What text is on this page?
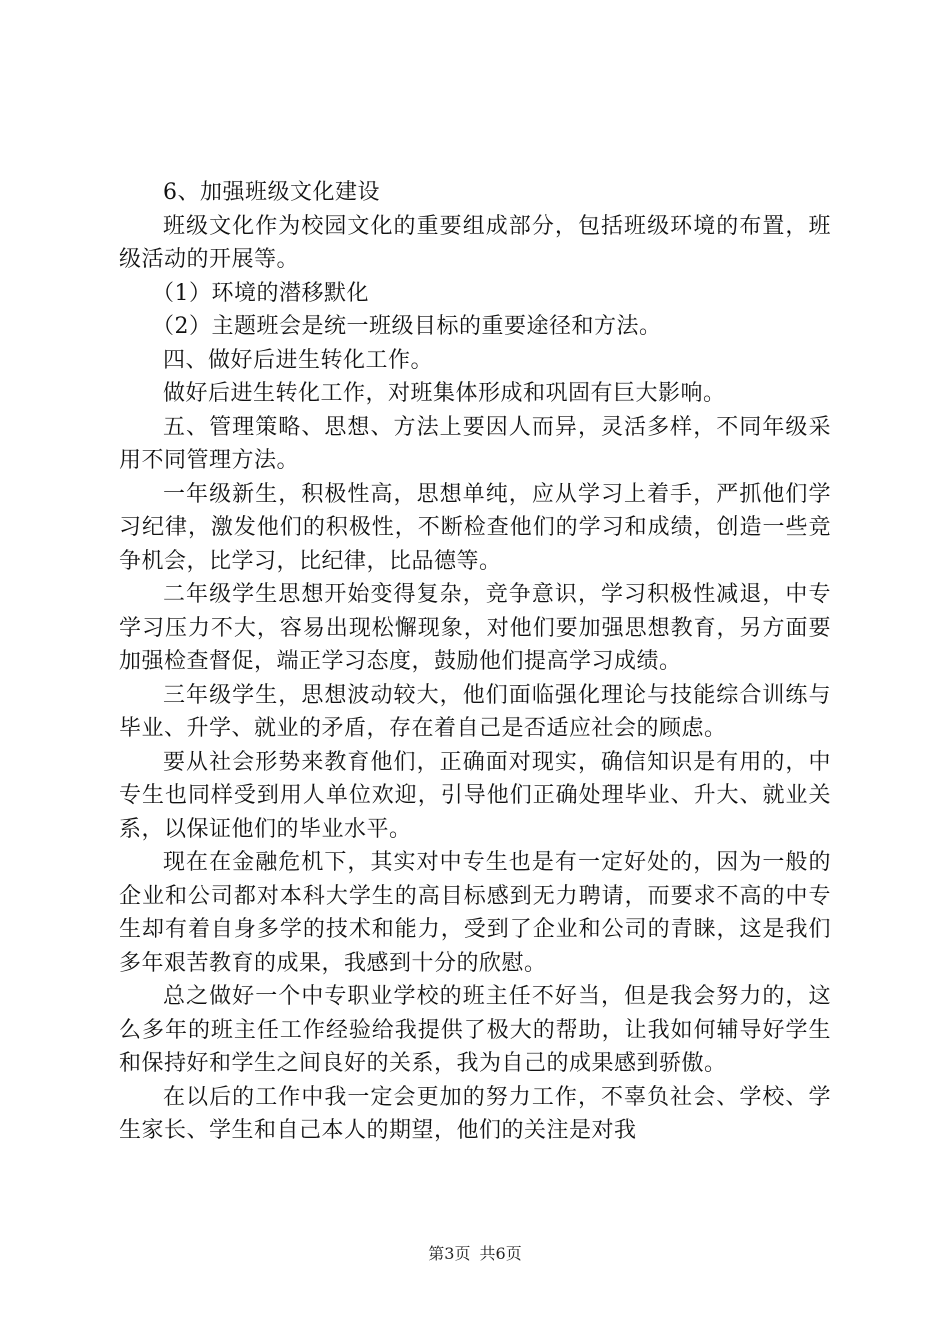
6、加强班级文化建设

班级文化作为校园文化的重要组成部分，包括班级环境的布置，班级活动的开展等。

（1）环境的潜移默化

（2）主题班会是统一班级目标的重要途径和方法。

四、做好后进生转化工作。

做好后进生转化工作，对班集体形成和巩固有巨大影响。

五、管理策略、思想、方法上要因人而异，灵活多样，不同年级采用不同管理方法。

一年级新生，积极性高，思想单纯，应从学习上着手，严抓他们学习纪律，激发他们的积极性，不断检查他们的学习和成绩，创造一些竞争机会，比学习，比纪律，比品德等。

二年级学生思想开始变得复杂，竞争意识，学习积极性减退，中专学习压力不大，容易出现松懈现象，对他们要加强思想教育，另方面要加强检查督促，端正学习态度，鼓励他们提高学习成绩。

三年级学生，思想波动较大，他们面临强化理论与技能综合训练与毕业、升学、就业的矛盾，存在着自己是否适应社会的顾虑。

要从社会形势来教育他们，正确面对现实，确信知识是有用的，中专生也同样受到用人单位欢迎，引导他们正确处理毕业、升大、就业关系，以保证他们的毕业水平。

现在在金融危机下，其实对中专生也是有一定好处的，因为一般的企业和公司都对本科大学生的高目标感到无力聘请，而要求不高的中专生却有着自身多学的技术和能力，受到了企业和公司的青睐，这是我们多年艰苦教育的成果，我感到十分的欣慰。

总之做好一个中专职业学校的班主任不好当，但是我会努力的，这么多年的班主任工作经验给我提供了极大的帮助，让我如何辅导好学生和保持好和学生之间良好的关系，我为自己的成果感到骄傲。

在以后的工作中我一定会更加的努力工作，不辜负社会、学校、学生家长、学生和自己本人的期望，他们的关注是对我

第3页 共6页
